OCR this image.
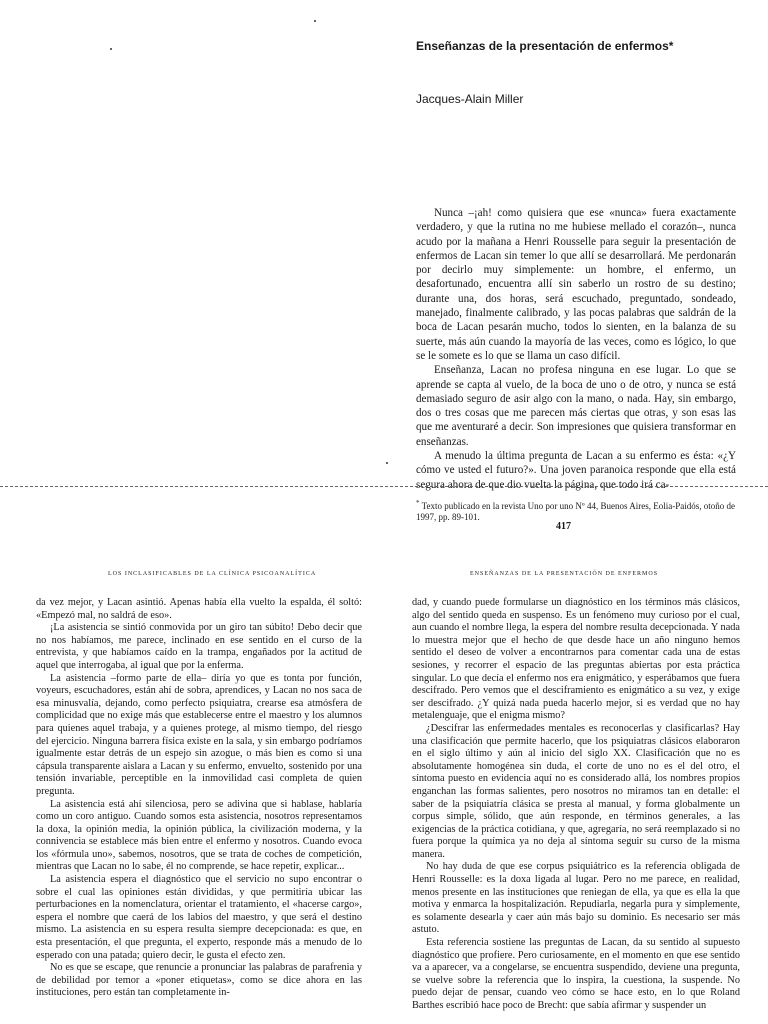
Enseñanzas de la presentación de enfermos*
Jacques-Alain Miller

Nunca –¡ah! como quisiera que ese «nunca» fuera exactamente verdadero, y que la rutina no me hubiese mellado el corazón–, nunca acudo por la mañana a Henri Rousselle para seguir la presentación de enfermos de Lacan sin temer lo que allí se desarrollará. Me perdonarán por decirlo muy simplemente: un hombre, el enfermo, un desafortunado, encuentra allí sin saberlo un rostro de su destino; durante una, dos horas, será escuchado, preguntado, sondeado, manejado, finalmente calibrado, y las pocas palabras que saldrán de la boca de Lacan pesarán mucho, todos lo sienten, en la balanza de su suerte, más aún cuando la mayoría de las veces, como es lógico, lo que se le somete es lo que se llama un caso difícil.

Enseñanza, Lacan no profesa ninguna en ese lugar. Lo que se aprende se capta al vuelo, de la boca de uno o de otro, y nunca se está demasiado seguro de asir algo con la mano, o nada. Hay, sin embargo, dos o tres cosas que me parecen más ciertas que otras, y son esas las que me aventuraré a decir. Son impresiones que quisiera transformar en enseñanzas.

A menudo la última pregunta de Lacan a su enfermo es ésta: «¿Y cómo ve usted el futuro?». Una joven paranoica responde que ella está segura ahora de que dio vuelta la página, que todo irá ca-

* Texto publicado en la revista Uno por uno Nº 44, Buenos Aires, Eolia-Paidós, otoño de 1997, pp. 89-101.
417
LOS INCLASIFICABLES DE LA CLÍNICA PSICOANALÍTICA	ENSEÑANZAS DE LA PRESENTACIÓN DE ENFERMOS

da vez mejor, y Lacan asintió. Apenas había ella vuelto la espalda, él soltó: «Empezó mal, no saldrá de eso».

¡La asistencia se sintió conmovida por un giro tan súbito! Debo decir que no nos habíamos, me parece, inclinado en ese sentido en el curso de la entrevista, y que habíamos caído en la trampa, engañados por la actitud de aquel que interrogaba, al igual que por la enferma.

La asistencia –formo parte de ella– diría yo que es tonta por función, voyeurs, escuchadores, están ahí de sobra, aprendices, y Lacan no nos saca de esa minusvalía, dejando, como perfecto psiquiatra, crearse esa atmósfera de complicidad que no exige más que establecerse entre el maestro y los alumnos para quienes aquel trabaja, y a quienes protege, al mismo tiempo, del riesgo del ejercicio. Ninguna barrera física existe en la sala, y sin embargo podríamos igualmente estar detrás de un espejo sin azogue, o más bien es como si una cápsula transparente aislara a Lacan y su enfermo, envuelto, sostenido por una tensión invariable, perceptible en la inmovilidad casi completa de quien pregunta.

La asistencia está ahí silenciosa, pero se adivina que si hablase, hablaría como un coro antiguo. Cuando somos esta asistencia, nosotros representamos la doxa, la opinión media, la opinión pública, la civilización moderna, y la connivencia se establece más bien entre el enfermo y nosotros. Cuando evoca los «fórmula uno», sabemos, nosotros, que se trata de coches de competición, mientras que Lacan no lo sabe, él no comprende, se hace repetir, explicar...

La asistencia espera el diagnóstico que el servicio no supo encontrar o sobre el cual las opiniones están divididas, y que permitiría ubicar las perturbaciones en la nomenclatura, orientar el tratamiento, el «hacerse cargo», espera el nombre que caerá de los labios del maestro, y que será el destino mismo. La asistencia en su espera resulta siempre decepcionada: es que, en esta presentación, el que pregunta, el experto, responde más a menudo de lo esperado con una patada; quiero decir, le gusta el efecto zen.

No es que se escape, que renuncie a pronunciar las palabras de parafrenia y de debilidad por temor a «poner etiquetas», como se dice ahora en las instituciones, pero están tan completamente in-

dad, y cuando puede formularse un diagnóstico en los términos más clásicos, algo del sentido queda en suspenso. Es un fenómeno muy curioso por el cual, aun cuando el nombre llega, la espera del nombre resulta decepcionada. Y nada lo muestra mejor que el hecho de que desde hace un año ninguno hemos sentido el deseo de volver a encontrarnos para comentar cada una de estas sesiones, y recorrer el espacio de las preguntas abiertas por esta práctica singular. Lo que decía el enfermo nos era enigmático, y esperábamos que fuera descifrado. Pero vemos que el desciframiento es enigmático a su vez, y exige ser descifrado. ¿Y quizá nada pueda hacerlo mejor, si es verdad que no hay metalenguaje, que el enigma mismo?

¿Descifrar las enfermedades mentales es reconocerlas y clasificarlas? Hay una clasificación que permite hacerlo, que los psiquiatras clásicos elaboraron en el siglo último y aún al inicio del siglo XX. Clasificación que no es absolutamente homogénea sin duda, el corte de uno no es el del otro, el síntoma puesto en evidencia aquí no es considerado allá, los nombres propios enganchan las formas salientes, pero nosotros no miramos tan en detalle: el saber de la psiquiatría clásica se presta al manual, y forma globalmente un corpus simple, sólido, que aún responde, en términos generales, a las exigencias de la práctica cotidiana, y que, agregaría, no será reemplazado si no fuera porque la química ya no deja al síntoma seguir su curso de la misma manera.

No hay duda de que ese corpus psiquiátrico es la referencia obligada de Henri Rousselle: es la doxa ligada al lugar. Pero no me parece, en realidad, menos presente en las instituciones que reniegan de ella, ya que es ella la que motiva y enmarca la hospitalización. Repudiarla, negarla pura y simplemente, es solamente desearla y caer aún más bajo su dominio. Es necesario ser más astuto.

Esta referencia sostiene las preguntas de Lacan, da su sentido al supuesto diagnóstico que profiere. Pero curiosamente, en el momento en que ese sentido va a aparecer, va a congelarse, se encuentra suspendido, deviene una pregunta, se vuelve sobre la referencia que lo inspira, la cuestiona, la suspende. No puedo dejar de pensar, cuando veo cómo se hace esto, en lo que Roland Barthes escribió hace poco de Brecht: que sabía afirmar y suspender un
